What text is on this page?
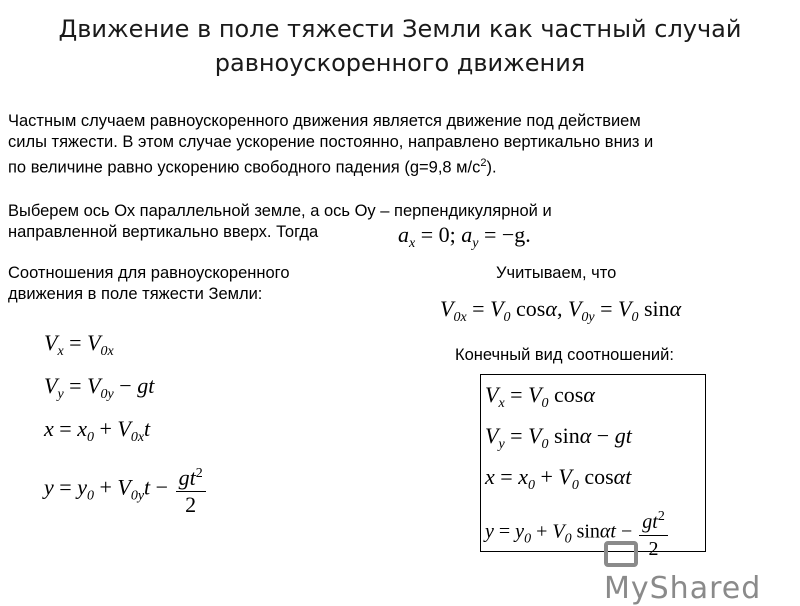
Движение в поле тяжести Земли как частный случай
равноускоренного движения
Частным случаем равноускоренного движения является движение под действием
силы тяжести. В этом случае ускорение постоянно, направлено вертикально вниз и
по величине равно ускорению свободного падения (g=9,8 $м/с^2$).
Выберем ось Ох параллельной земле, а ось Оу – перпендикулярной и
направленной вертикально вверх. Тогда	$a_x = 0$; $a_y = -g$.
Соотношения для равноускоренного
движения в поле тяжести Земли:
Учитываем, что
$V_{0x} = V_0$ cosα, $V_{0y} = V_0$ sinα
$V_x = V_{0x}$
$V_y = V_{0y}$ − gt
$x = x_0 + V_{0x}t$
$y = y_0 + V_{0y}t - \frac{gt^2}{2}$
Конечный вид соотношений:
$V_x = V_0$ cosα
$V_y = V_0$ sinα − gt
$x = x_0 + V_0$ cosαt
$y = y_0 + V_0$ $\sin\alpha t - \frac{gt^2}{2}$
MyShared
